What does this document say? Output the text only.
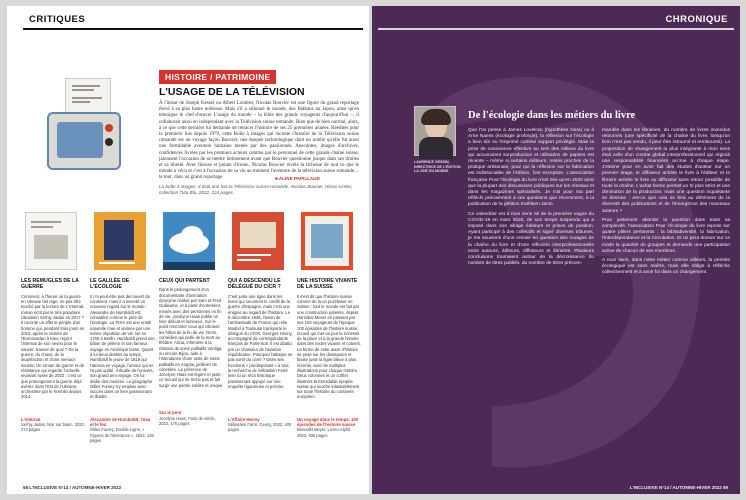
CRITIQUES
HISTOIRE / PATRIMOINE
L'USAGE DE LA TÉLÉVISION
À l'instar de Joseph Kessel ou Albert Londres, Nicolas Bouvier est une figure du grand reportage élevé à sa plus haute noblesse. Mais s'il a sillonné le monde, des Balkans au Japon, ainsi qu'en témoigne le chef-d'œuvre L'usage du monde – la bible des grands voyageurs d'aujourd'hui –, il collaborait aussi en indépendant avec la Télévision suisse romande. Rien que de bien normal, alors, à ce que cette dernière lui demande de retracer l'histoire de ses 25 premières années. Réédités pour la première fois depuis 1979, cette Boîte à images qui raconte l'histoire de la Télévision suisse romande est un voyage façon Bouvier, une épopée technologique dont on oublie qu'elle fut aussi une formidable aventure humaine menée par des passionnés. Anecdotes, images d'archives, confidences livrées par les premiers acteurs comme par le personnel de cette grande chaîne suisse, jalonnent l'occasion de se mettre intimement avant que Bouvier questionne jusque dans ses limites et sa liberté. Avec finesse et pointe d'ironie, Nicolas Bouvier révèle la richesse de tout ce que le monde a vécu et c'est à l'occasion de sa vie au moment l'aventure de la télévision suisse romande… le tout, dans un grand reportage	■ ALINE PAPILLAUD
La boîte à images. Il était une fois la Télévision suisse romande. Nicolas Bouvier, Héros-Limite, collection Tuta Blu, 2022, 224 pages.
LES REMUGLES DE LA GUERRE
Comment, à l'heure où la guerre en Ukraine fait rage, ne pas être touché par la lecture de L'Internat, roman écrit par le très populaire Ukrainien Serhiy Jadan en 2017 ? Il raconte un effet le périple d'un homme qui, pendant trois jours en 2015, après la victoire de l'Euromaïdan à Kiev, rejoint l'internat de son neveu pour le sauver. Sauver de quoi ? De la guerre, du chaos, de la stupéfaction et d'une menace sourde. Un roman de guerre et de résistance qui regarde l'actuelle invasion russe de 2022 ; c'est ce que prolongement la guerre déjà avérée dans l'Est de l'Ukraine, orchestrée par le Kremlin depuis 2014.
L'internat
Serhiy Jadan, Noir sur blanc, 2022, 272 pages
LE GALILÉE DE L'ÉCOLOGIE
Il n'a peut-être pas découvert de continent, mais il a inventé un nouveau regard sur le monde : Alexandre de Humboldt est considéré comme le père de l'écologie. La Terre est une entité naturelle mue et animée par une même impulsion de vie. Né en 1769 à Berlin, Humboldt prend son bâton de pèlerin et son fameux voyage en Amérique latine. Quant à lui deux destins au temps, Humboldt le jeune de 1819 qui l'amena en voyage, l'amour qui ne l'a pas quitté. Il étudie de l'univers, son grand ami voyage. On lui dédie des musées. La géographe Gilles Fumey s'y emploie avec succès dans un livre passionnant et illustré.
Alexandre de Humboldt, l'eau et le feu
Gilles Fumey, Double Ligne, « Figures de l'itinérance », 2022, 139 pages
CEUX QUI PARTENT
Dans le prolongement d'un documentaire d'animation éponyme réalisé par Sam et Fred Guillaume, et à partir d'entretiens menés avec des personnes en fin de vie, Jocelyne Haas publie un livre délicat et lumineux. Sur le point renconter ceux qui côtoient les hôtes de la fin de vie. Dens, comédien qui parle de la mort au théâtre. Alicia, infirmière à la mission de soins palliatifs Ventiga, ou encore Bijou, aide à l'intendance d'une unité de soins palliatifs en Angola, jardinier de cimetière. La présence de Jocelyne Haas est légère et juste ; ce recueil qui ne triche pas et fait surgir une parole inédite et unique.
Sur le pont
Jocelyne Haas, Faim de siècle, 2022, 176 pages
QUI A DESCENDU LE DÉLÉGUÉ DU CICR ?
C'est juste une ligne dans les livres qui racontent le conflit de la guerre d'Espagne, mais c'est une énigme au regard de l'histoire. Le 8 décembre 1936, l'avion de l'ambassade de France qui relie Madrid à Toulouse transporte le délégué du CICR, Georges Henny, accompagné de correspondants français de Paris-Soir. Il est abattu par un chasseur de l'aviation républicaine. Pourquoi l'attaque ne pas sortir du carré ? Dans ses fonctions « prédisposant » à tout, la recherche de Sébastien Farré livre ici un récit historique passionnant appuyé sur une enquête rigoureuse et précise.
L'Affaire Henny
Sébastien Farré, Georg, 2022, 400 pages
UNE HISTOIRE VIVANTE DE LA SUISSE
Il s'est dit que l'histoire suisse comme de la un puzzlewer ne Suisse : tout le monde est fait par une construction patiente, depuis Hannibal Moser en passant par ses 100 voyageurs de l'époque 100 épisodes de l'histoire suisse, recueil qui met au jour la richesse de la place et à la grande histoire dans des textes vivants et colorés. La forme de cette autre d'histoire se pose sur les dinosaures et biaise juste la ligne bleue à plus récente, avec de multiples illustrations pour chaque histoire. Deux colonnes et un coffret illustrent la formidable épopée suisse qui ricoche inlassablement sur toute l'histoire du continent européen.
Un voyage dans le temps. 100 épisodes de l'histoire suisse
Benedikt Meyer, Livreo-Alphil, 2022, 400 pages
58 L'INCLUSIVE N°14 / AUTOMNE-HIVER 2022
CHRONIQUE
LAURENCE GESSIN, DIRECTRICE DE L'ÉDITION LA JOIE DU MONDE
De l'écologie dans les métiers du livre

Que l'on pense à James Lovelock (hypothèse Gaïa) ou à Arne Naess (écologie profonde), la réflexion sur l'écologie a bien sûr eu l'imprimé comme support privilégié. Mais la prise de conscience effective au sein des milieux du livre qui accumulent surproduction et utilisation de papiers est récente – même si certains éditeurs, restés proches de la pratique artisanale, pour qui la réflexion sur la fabrication est indissociable de l'édition, font exception. L'association française Pour l'écologie du livre n'est née qu'en 2020 ainsi que la plupart des discussions publiques sur les réseaux et dans les magazines spécialisés. Je n'ai pour ma part réfléchi précisément à ces questions que récemment, à la publication de la pétition Kathleen Janin.

Ce calendrier est à mon sens né de la première vague du COVID-19 en mars 2020, de son temps suspendu qui a imposé dans son sillage éditeurs et prises de position. Ayant participé à des collectifs et signé diverses tribunes, je me souviens d'une remise en question des rouages de la chaîne du livre et d'une réflexion interprofessionnelle entre auteurs, éditeurs, diffuseurs et libraires. Plusieurs conclusions tournaient autour de la décroissance du nombre de titres publiés, du nombre de titres précom-

mandés dans les librairies, du nombre de livres invendus retournés (une spécificité de la chaîne du livre, lorsqu'un livre n'est pas vendu, il peut être retourné et remboursé). La proposition de changement la plus intégrante à mon sens était celle d'un contrat global interprofessionnel qui régirait une responsabilité financière accrue à chaque étape. J'estime pour en avoir fait des études d'auteur sur un premier tirage, le diffuseur achète le livre à l'éditeur et le libraire achète le livre au diffuseur sans retour possible de toute la chaîne. L'achat ferme permet un tri plus strict et une diminution de la production, mais une question inquiétante se dessine : est-ce que cela se fera au détriment de la diversité des publications et de l'émergence des nouveaux auteurs ?

Pour justement aborder la question dans toute sa complexité, l'association Pour l'écologie du livre repose sur quatre piliers pertinents : la bibliodiversité, la fabrication, l'interdépendance et la Circulation. Et on peut donner sur ce mode la quantité de groupes et demande une participation active de chacun de ses membres.

A mon sens, dans notre métier comme ailleurs, la pensée écologique est sans maître, mais elle oblige à réfléchir collectivement et à avoir foi dans un changement.

L'INCLUSIVE N°14 / AUTOMNE-HIVER 2022 59
